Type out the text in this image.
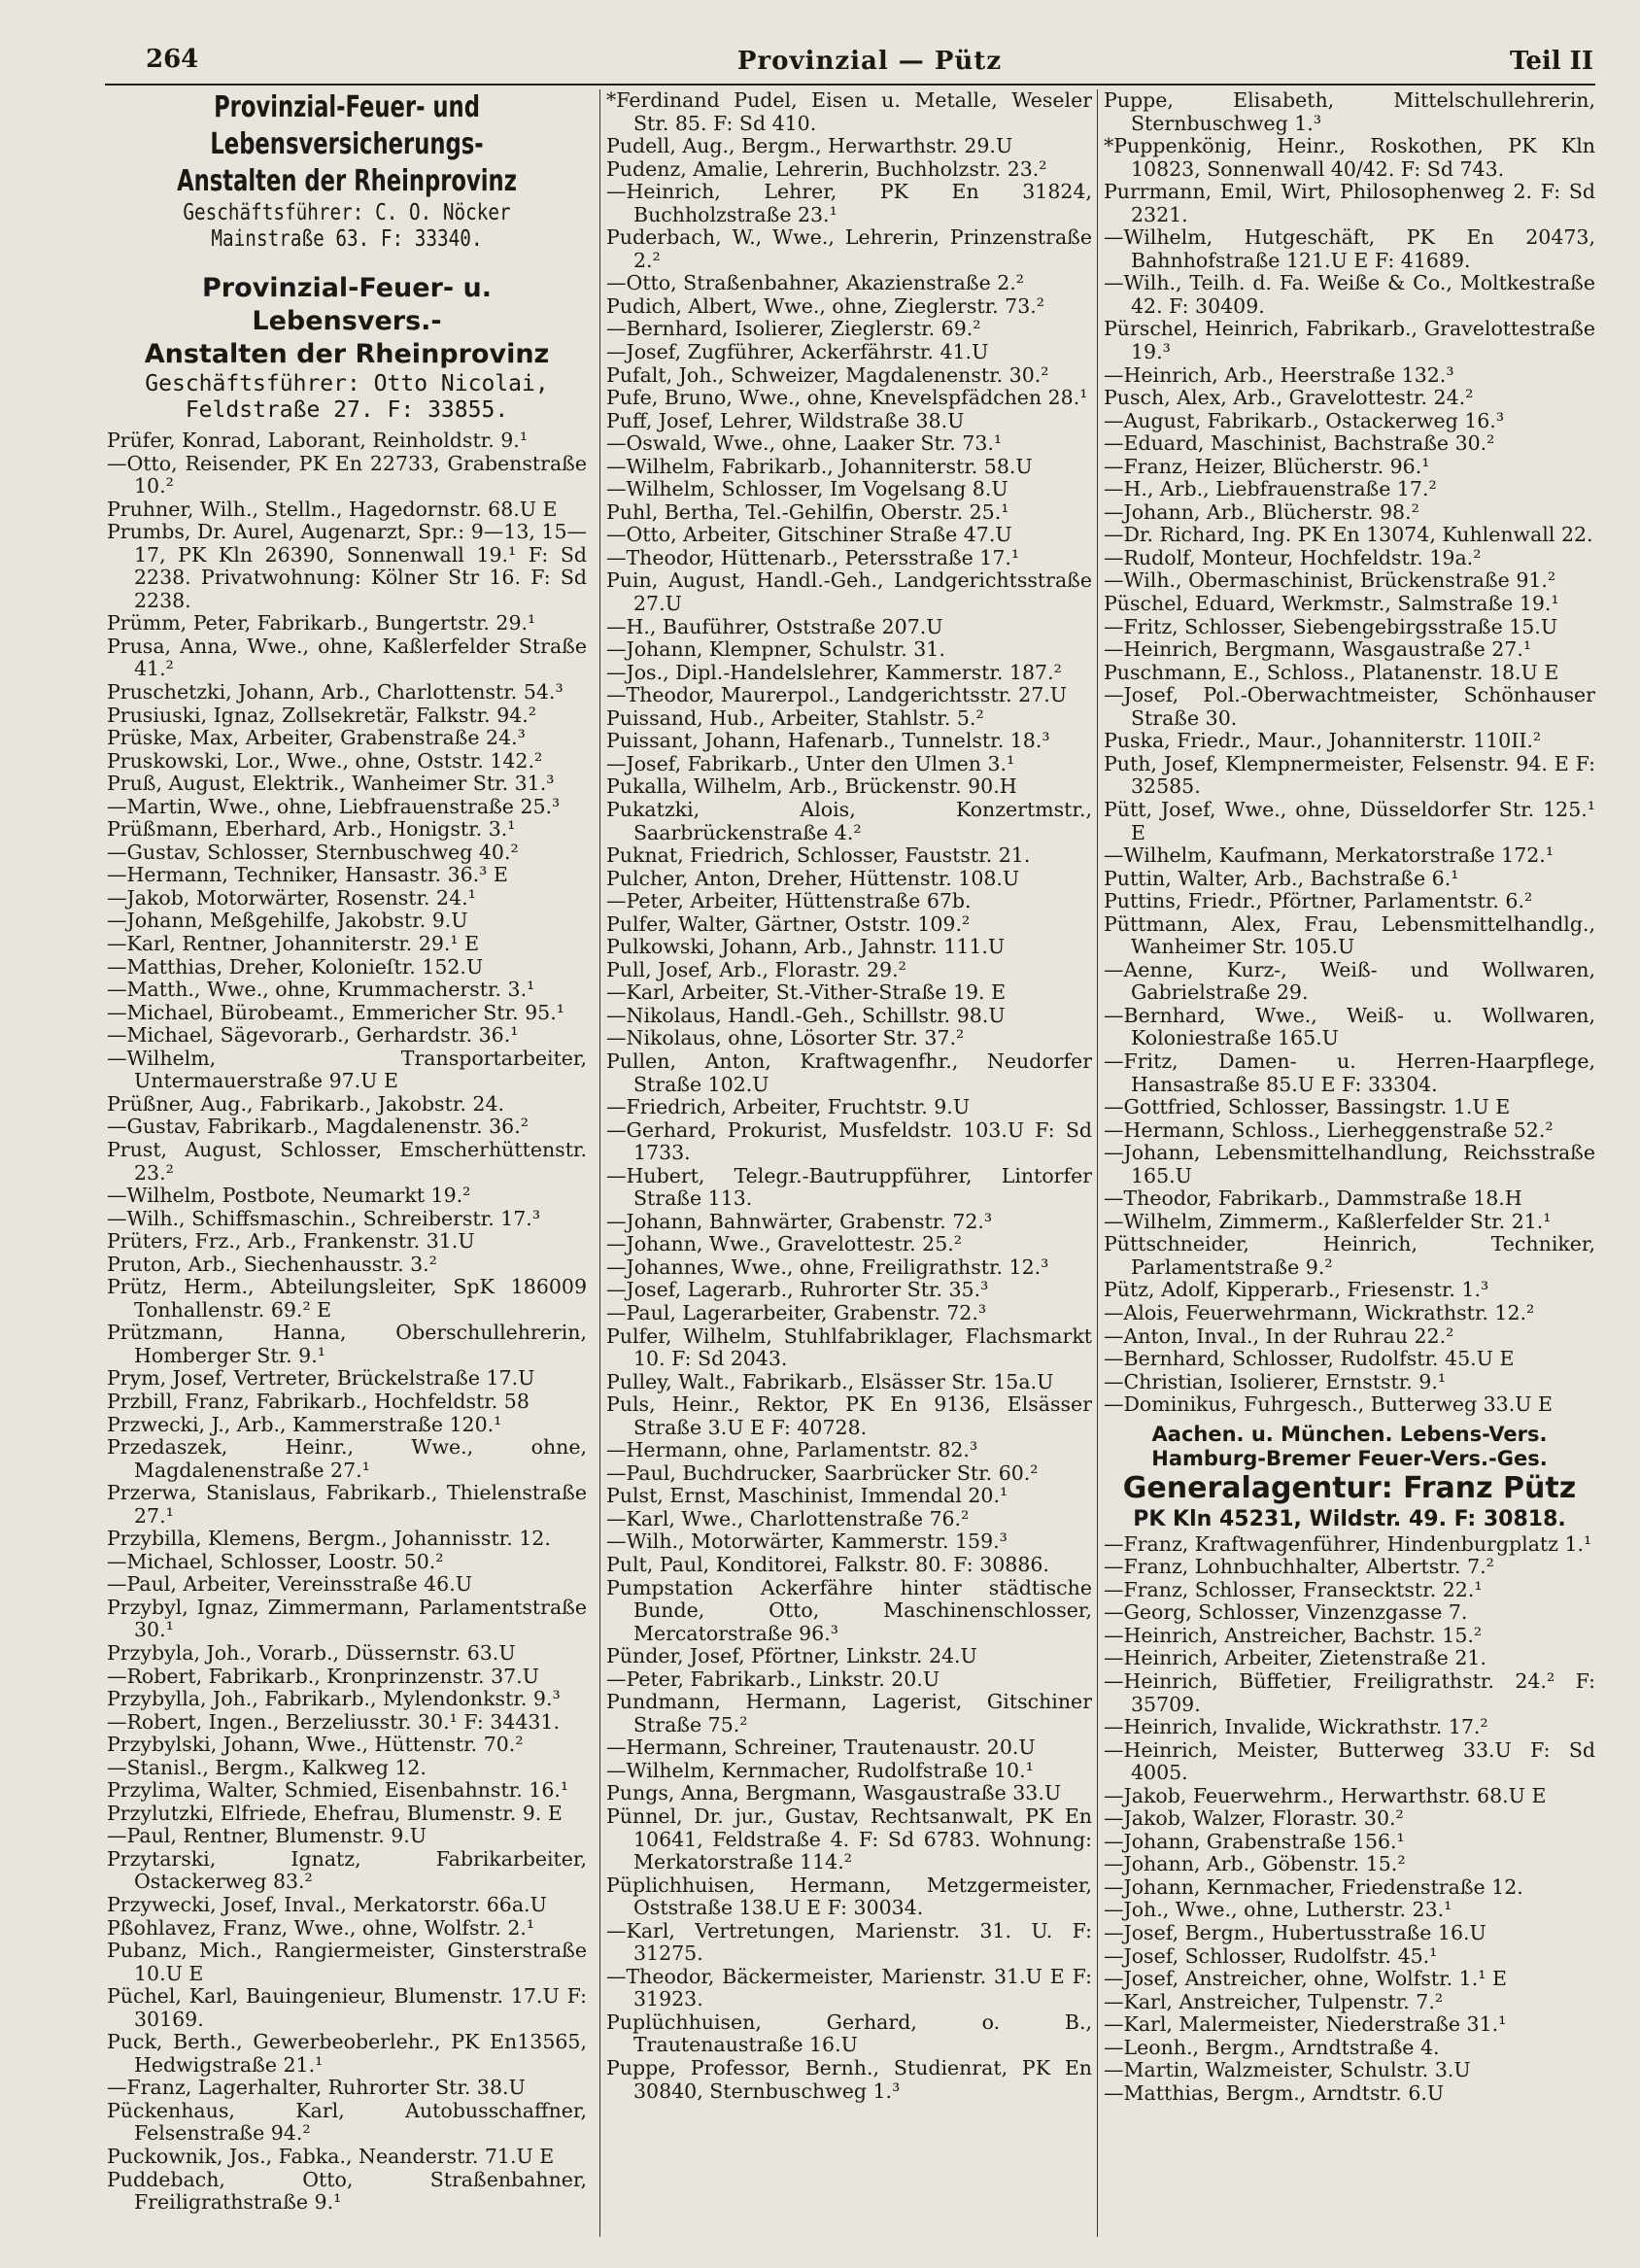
264	Provinzial — Pütz	Teil II
Provinzial-Feuer- und Lebensversicherungs-
Anstalten der Rheinprovinz
Geschäftsführer: C. O. Nöcker
Mainstraße 63. F: 33340.
Provinzial-Feuer- u. Lebensvers.-
Anstalten der Rheinprovinz
Geschäftsführer: Otto Nicolai,
Feldstraße 27. F: 33855.
Prüfer, Konrad, Laborant, Reinholdstr. 9.¹
—Otto, Reisender, PK En 22733, Grabenstraße 10.²
Pruhner, Wilh., Stellm., Hagedornstr. 68.U E
Prumbs, Dr. Aurel, Augenarzt, Spr.: 9—13, 15—17, PK Kln 26390, Sonnenwall 19.¹ F: Sd 2238. Privatwohnung: Kölner Str 16. F: Sd 2238.
Prümm, Peter, Fabrikarb., Bungertstr. 29.¹
Prusa, Anna, Wwe., ohne, Kaßlerfelder Straße 41.²
Pruschetzki, Johann, Arb., Charlottenstr. 54.³
Prusiuski, Ignaz, Zollsekretär, Falkstr. 94.²
Prüske, Max, Arbeiter, Grabenstraße 24.³
Pruskowski, Lor., Wwe., ohne, Oststr. 142.²
Pruß, August, Elektrik., Wanheimer Str. 31.³
—Martin, Wwe., ohne, Liebfrauenstraße 25.³
Prüßmann, Eberhard, Arb., Honigstr. 3.¹
—Gustav, Schlosser, Sternbuschweg 40.²
—Hermann, Techniker, Hansastr. 36.³ E
—Jakob, Motorwärter, Rosenstr. 24.¹
—Johann, Meßgehilfe, Jakobstr. 9.U
—Karl, Rentner, Johanniterstr. 29.¹ E
—Matthias, Dreher, Kolonieſtr. 152.U
—Matth., Wwe., ohne, Krummacherstr. 3.¹
—Michael, Bürobeamt., Emmericher Str. 95.¹
—Michael, Sägevorarb., Gerhardstr. 36.¹
—Wilhelm, Transportarbeiter, Untermauerstraße 97.U E
Prüßner, Aug., Fabrikarb., Jakobstr. 24.
—Gustav, Fabrikarb., Magdalenenstr. 36.²
Prust, August, Schlosser, Emscherhüttenstr. 23.²
—Wilhelm, Postbote, Neumarkt 19.²
—Wilh., Schiffsmaschin., Schreiberstr. 17.³
Prüters, Frz., Arb., Frankenstr. 31.U
Pruton, Arb., Siechenhausstr. 3.²
Prütz, Herm., Abteilungsleiter, SpK 186009 Tonhallenstr. 69.² E
Prützmann, Hanna, Oberschullehrerin, Homberger Str. 9.¹
Prym, Josef, Vertreter, Brückelstraße 17.U
Przbill, Franz, Fabrikarb., Hochfeldstr. 58
Przwecki, J., Arb., Kammerstraße 120.¹
Przedaszek, Heinr., Wwe., ohne, Magdalenenstraße 27.¹
Przerwa, Stanislaus, Fabrikarb., Thielenstraße 27.¹
Przybilla, Klemens, Bergm., Johannisstr. 12.
—Michael, Schlosser, Loostr. 50.²
—Paul, Arbeiter, Vereinsstraße 46.U
Przybyl, Ignaz, Zimmermann, Parlamentstraße 30.¹
Przybyla, Joh., Vorarb., Düssernstr. 63.U
—Robert, Fabrikarb., Kronprinzenstr. 37.U
Przybylla, Joh., Fabrikarb., Mylendonkstr. 9.³
—Robert, Ingen., Berzeliusstr. 30.¹ F: 34431.
Przybylski, Johann, Wwe., Hüttenstr. 70.²
—Stanisl., Bergm., Kalkweg 12.
Przylima, Walter, Schmied, Eisenbahnstr. 16.¹
Przylutzki, Elfriede, Ehefrau, Blumenstr. 9. E
—Paul, Rentner, Blumenstr. 9.U
Przytarski, Ignatz, Fabrikarbeiter, Ostackerweg 83.²
Przywecki, Josef, Inval., Merkatorstr. 66a.U
Pßohlavez, Franz, Wwe., ohne, Wolfstr. 2.¹
Pubanz, Mich., Rangiermeister, Ginsterstraße 10.U E
Püchel, Karl, Bauingenieur, Blumenstr. 17.U F: 30169.
Puck, Berth., Gewerbeoberlehr., PK En13565, Hedwigstraße 21.¹
—Franz, Lagerhalter, Ruhrorter Str. 38.U
Pückenhaus, Karl, Autobusschaffner, Felsenstraße 94.²
Puckownik, Jos., Fabka., Neanderstr. 71.U E
Puddebach, Otto, Straßenbahner, Freiligrathstraße 9.¹
*Ferdinand Pudel, Eisen u. Metalle, Weseler Str. 85. F: Sd 410.
Pudell, Aug., Bergm., Herwarthstr. 29.U
Pudenz, Amalie, Lehrerin, Buchholzstr. 23.²
—Heinrich, Lehrer, PK En 31824, Buchholzstraße 23.¹
Puderbach, W., Wwe., Lehrerin, Prinzenstraße 2.²
—Otto, Straßenbahner, Akazienstraße 2.²
Pudich, Albert, Wwe., ohne, Zieglerstr. 73.²
—Bernhard, Isolierer, Zieglerstr. 69.²
—Josef, Zugführer, Ackerfährstr. 41.U
Pufalt, Joh., Schweizer, Magdalenenstr. 30.²
Pufe, Bruno, Wwe., ohne, Knevelspfädchen 28.¹
Puff, Josef, Lehrer, Wildstraße 38.U
—Oswald, Wwe., ohne, Laaker Str. 73.¹
—Wilhelm, Fabrikarb., Johanniterstr. 58.U
—Wilhelm, Schlosser, Im Vogelsang 8.U
Puhl, Bertha, Tel.-Gehilfin, Oberstr. 25.¹
—Otto, Arbeiter, Gitschiner Straße 47.U
—Theodor, Hüttenarb., Petersstraße 17.¹
Puin, August, Handl.-Geh., Landgerichtsstraße 27.U
—H., Bauführer, Oststraße 207.U
—Johann, Klempner, Schulstr. 31.
—Jos., Dipl.-Handelslehrer, Kammerstr. 187.²
—Theodor, Maurerpol., Landgerichtsstr. 27.U
Puissand, Hub., Arbeiter, Stahlstr. 5.²
Puissant, Johann, Hafenarb., Tunnelstr. 18.³
—Josef, Fabrikarb., Unter den Ulmen 3.¹
Pukalla, Wilhelm, Arb., Brückenstr. 90.H
Pukatzki, Alois, Konzertmstr., Saarbrückenstraße 4.²
Puknat, Friedrich, Schlosser, Fauststr. 21.
Pulcher, Anton, Dreher, Hüttenstr. 108.U
—Peter, Arbeiter, Hüttenstraße 67b.
Pulfer, Walter, Gärtner, Oststr. 109.²
Pulkowski, Johann, Arb., Jahnstr. 111.U
Pull, Josef, Arb., Florastr. 29.²
—Karl, Arbeiter, St.-Vither-Straße 19. E
—Nikolaus, Handl.-Geh., Schillstr. 98.U
—Nikolaus, ohne, Lösorter Str. 37.²
Pullen, Anton, Kraftwagenfhr., Neudorfer Straße 102.U
—Friedrich, Arbeiter, Fruchtstr. 9.U
—Gerhard, Prokurist, Musfeldstr. 103.U F: Sd 1733.
—Hubert, Telegr.-Bautruppführer, Lintorfer Straße 113.
—Johann, Bahnwärter, Grabenstr. 72.³
—Johann, Wwe., Gravelottestr. 25.²
—Johannes, Wwe., ohne, Freiligrathstr. 12.³
—Josef, Lagerarb., Ruhrorter Str. 35.³
—Paul, Lagerarbeiter, Grabenstr. 72.³
Pulfer, Wilhelm, Stuhlfabriklager, Flachsmarkt 10. F: Sd 2043.
Pulley, Walt., Fabrikarb., Elsässer Str. 15a.U
Puls, Heinr., Rektor, PK En 9136, Elsässer Straße 3.U E F: 40728.
—Hermann, ohne, Parlamentstr. 82.³
—Paul, Buchdrucker, Saarbrücker Str. 60.²
Pulst, Ernst, Maschinist, Immendal 20.¹
—Karl, Wwe., Charlottenstraße 76.²
—Wilh., Motorwärter, Kammerstr. 159.³
Pult, Paul, Konditorei, Falkstr. 80. F: 30886.
Pumpstation Ackerfähre hinter städtische Bunde, Otto, Maschinenschlosser, Mercatorstraße 96.³
Pünder, Josef, Pförtner, Linkstr. 24.U
—Peter, Fabrikarb., Linkstr. 20.U
Pundmann, Hermann, Lagerist, Gitschiner Straße 75.²
—Hermann, Schreiner, Trautenaustr. 20.U
—Wilhelm, Kernmacher, Rudolfstraße 10.¹
Pungs, Anna, Bergmann, Wasgaustraße 33.U
Pünnel, Dr. jur., Gustav, Rechtsanwalt, PK En 10641, Feldstraße 4. F: Sd 6783. Wohnung: Merkatorstraße 114.²
Püplichhuisen, Hermann, Metzgermeister, Oststraße 138.U E F: 30034.
—Karl, Vertretungen, Marienstr. 31. U. F: 31275.
—Theodor, Bäckermeister, Marienstr. 31.U E F: 31923.
Puplüchhuisen, Gerhard, o. B., Trautenaustraße 16.U
Puppe, Professor, Bernh., Studienrat, PK En 30840, Sternbuschweg 1.³
Puppe, Elisabeth, Mittelschullehrerin, Sternbuschweg 1.³
*Puppenkönig, Heinr., Roskothen, PK Kln 10823, Sonnenwall 40/42. F: Sd 743.
Purrmann, Emil, Wirt, Philosophenweg 2. F: Sd 2321.
—Wilhelm, Hutgeschäft, PK En 20473, Bahnhofstraße 121.U E F: 41689.
—Wilh., Teilh. d. Fa. Weiße & Co., Moltkestraße 42. F: 30409.
Pürschel, Heinrich, Fabrikarb., Gravelottestraße 19.³
—Heinrich, Arb., Heerstraße 132.³
Pusch, Alex, Arb., Gravelottestr. 24.²
—August, Fabrikarb., Ostackerweg 16.³
—Eduard, Maschinist, Bachstraße 30.²
—Franz, Heizer, Blücherstr. 96.¹
—H., Arb., Liebfrauenstraße 17.²
—Johann, Arb., Blücherstr. 98.²
—Dr. Richard, Ing. PK En 13074, Kuhlenwall 22.
—Rudolf, Monteur, Hochfeldstr. 19a.²
—Wilh., Obermaschinist, Brückenstraße 91.²
Püschel, Eduard, Werkmstr., Salmstraße 19.¹
—Fritz, Schlosser, Siebengebirgsstraße 15.U
—Heinrich, Bergmann, Wasgaustraße 27.¹
Puschmann, E., Schloss., Platanenstr. 18.U E
—Josef, Pol.-Oberwachtmeister, Schönhauser Straße 30.
Puska, Friedr., Maur., Johanniterstr. 110II.²
Puth, Josef, Klempnermeister, Felsenstr. 94. E F: 32585.
Pütt, Josef, Wwe., ohne, Düsseldorfer Str. 125.¹ E
—Wilhelm, Kaufmann, Merkatorstraße 172.¹
Puttin, Walter, Arb., Bachstraße 6.¹
Puttins, Friedr., Pförtner, Parlamentstr. 6.²
Püttmann, Alex, Frau, Lebensmittelhandlg., Wanheimer Str. 105.U
—Aenne, Kurz-, Weiß- und Wollwaren, Gabrielstraße 29.
—Bernhard, Wwe., Weiß- u. Wollwaren, Koloniestraße 165.U
—Fritz, Damen- u. Herren-Haarpflege, Hansastraße 85.U E F: 33304.
—Gottfried, Schlosser, Bassingstr. 1.U E
—Hermann, Schloss., Lierheggenstraße 52.²
—Johann, Lebensmittelhandlung, Reichsstraße 165.U
—Theodor, Fabrikarb., Dammstraße 18.H
—Wilhelm, Zimmerm., Kaßlerfelder Str. 21.¹
Püttschneider, Heinrich, Techniker, Parlamentstraße 9.²
Pütz, Adolf, Kipperarb., Friesenstr. 1.³
—Alois, Feuerwehrmann, Wickrathstr. 12.²
—Anton, Inval., In der Ruhrau 22.²
—Bernhard, Schlosser, Rudolfstr. 45.U E
—Christian, Isolierer, Ernststr. 9.¹
—Dominikus, Fuhrgesch., Butterweg 33.U E
Aachen. u. München. Lebens-Vers.
Hamburg-Bremer Feuer-Vers.-Ges.
Generalagentur: Franz Pütz
PK Kln 45231, Wildstr. 49. F: 30818.
—Franz, Kraftwagenführer, Hindenburgplatz 1.¹
—Franz, Lohnbuchhalter, Albertstr. 7.²
—Franz, Schlosser, Fransecktstr. 22.¹
—Georg, Schlosser, Vinzenzgasse 7.
—Heinrich, Anstreicher, Bachstr. 15.²
—Heinrich, Arbeiter, Zietenstraße 21.
—Heinrich, Büffetier, Freiligrathstr. 24.² F: 35709.
—Heinrich, Invalide, Wickrathstr. 17.²
—Heinrich, Meister, Butterweg 33.U F: Sd 4005.
—Jakob, Feuerwehrm., Herwarthstr. 68.U E
—Jakob, Walzer, Florastr. 30.²
—Johann, Grabenstraße 156.¹
—Johann, Arb., Göbenstr. 15.²
—Johann, Kernmacher, Friedenstraße 12.
—Joh., Wwe., ohne, Lutherstr. 23.¹
—Josef, Bergm., Hubertusstraße 16.U
—Josef, Schlosser, Rudolfstr. 45.¹
—Josef, Anstreicher, ohne, Wolfstr. 1.¹ E
—Karl, Anstreicher, Tulpenstr. 7.²
—Karl, Malermeister, Niederstraße 31.¹
—Leonh., Bergm., Arndtstraße 4.
—Martin, Walzmeister, Schulstr. 3.U
—Matthias, Bergm., Arndtstr. 6.U
